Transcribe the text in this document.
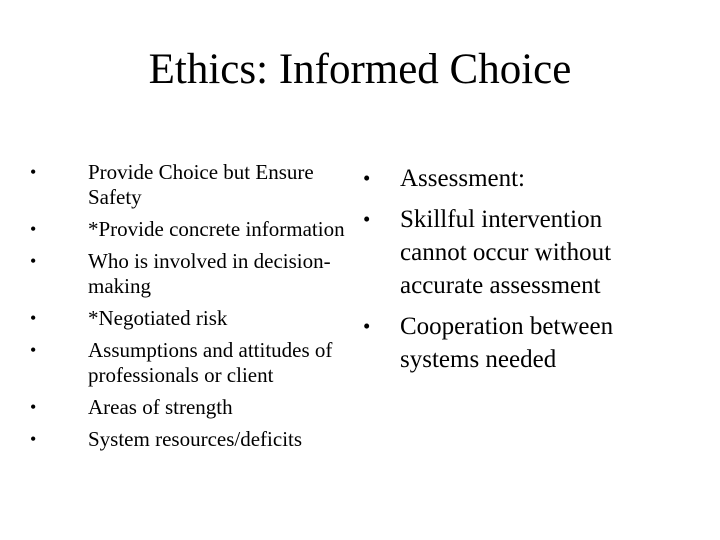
Ethics: Informed Choice
•	Provide Choice but Ensure Safety
•	*Provide concrete information
•	Who is involved in decision-making
•	*Negotiated risk
•	Assumptions and attitudes of professionals or client
•	Areas of strength
•	System resources/deficits
•	Assessment:
•	Skillful intervention cannot occur without accurate assessment
•	Cooperation between systems needed
